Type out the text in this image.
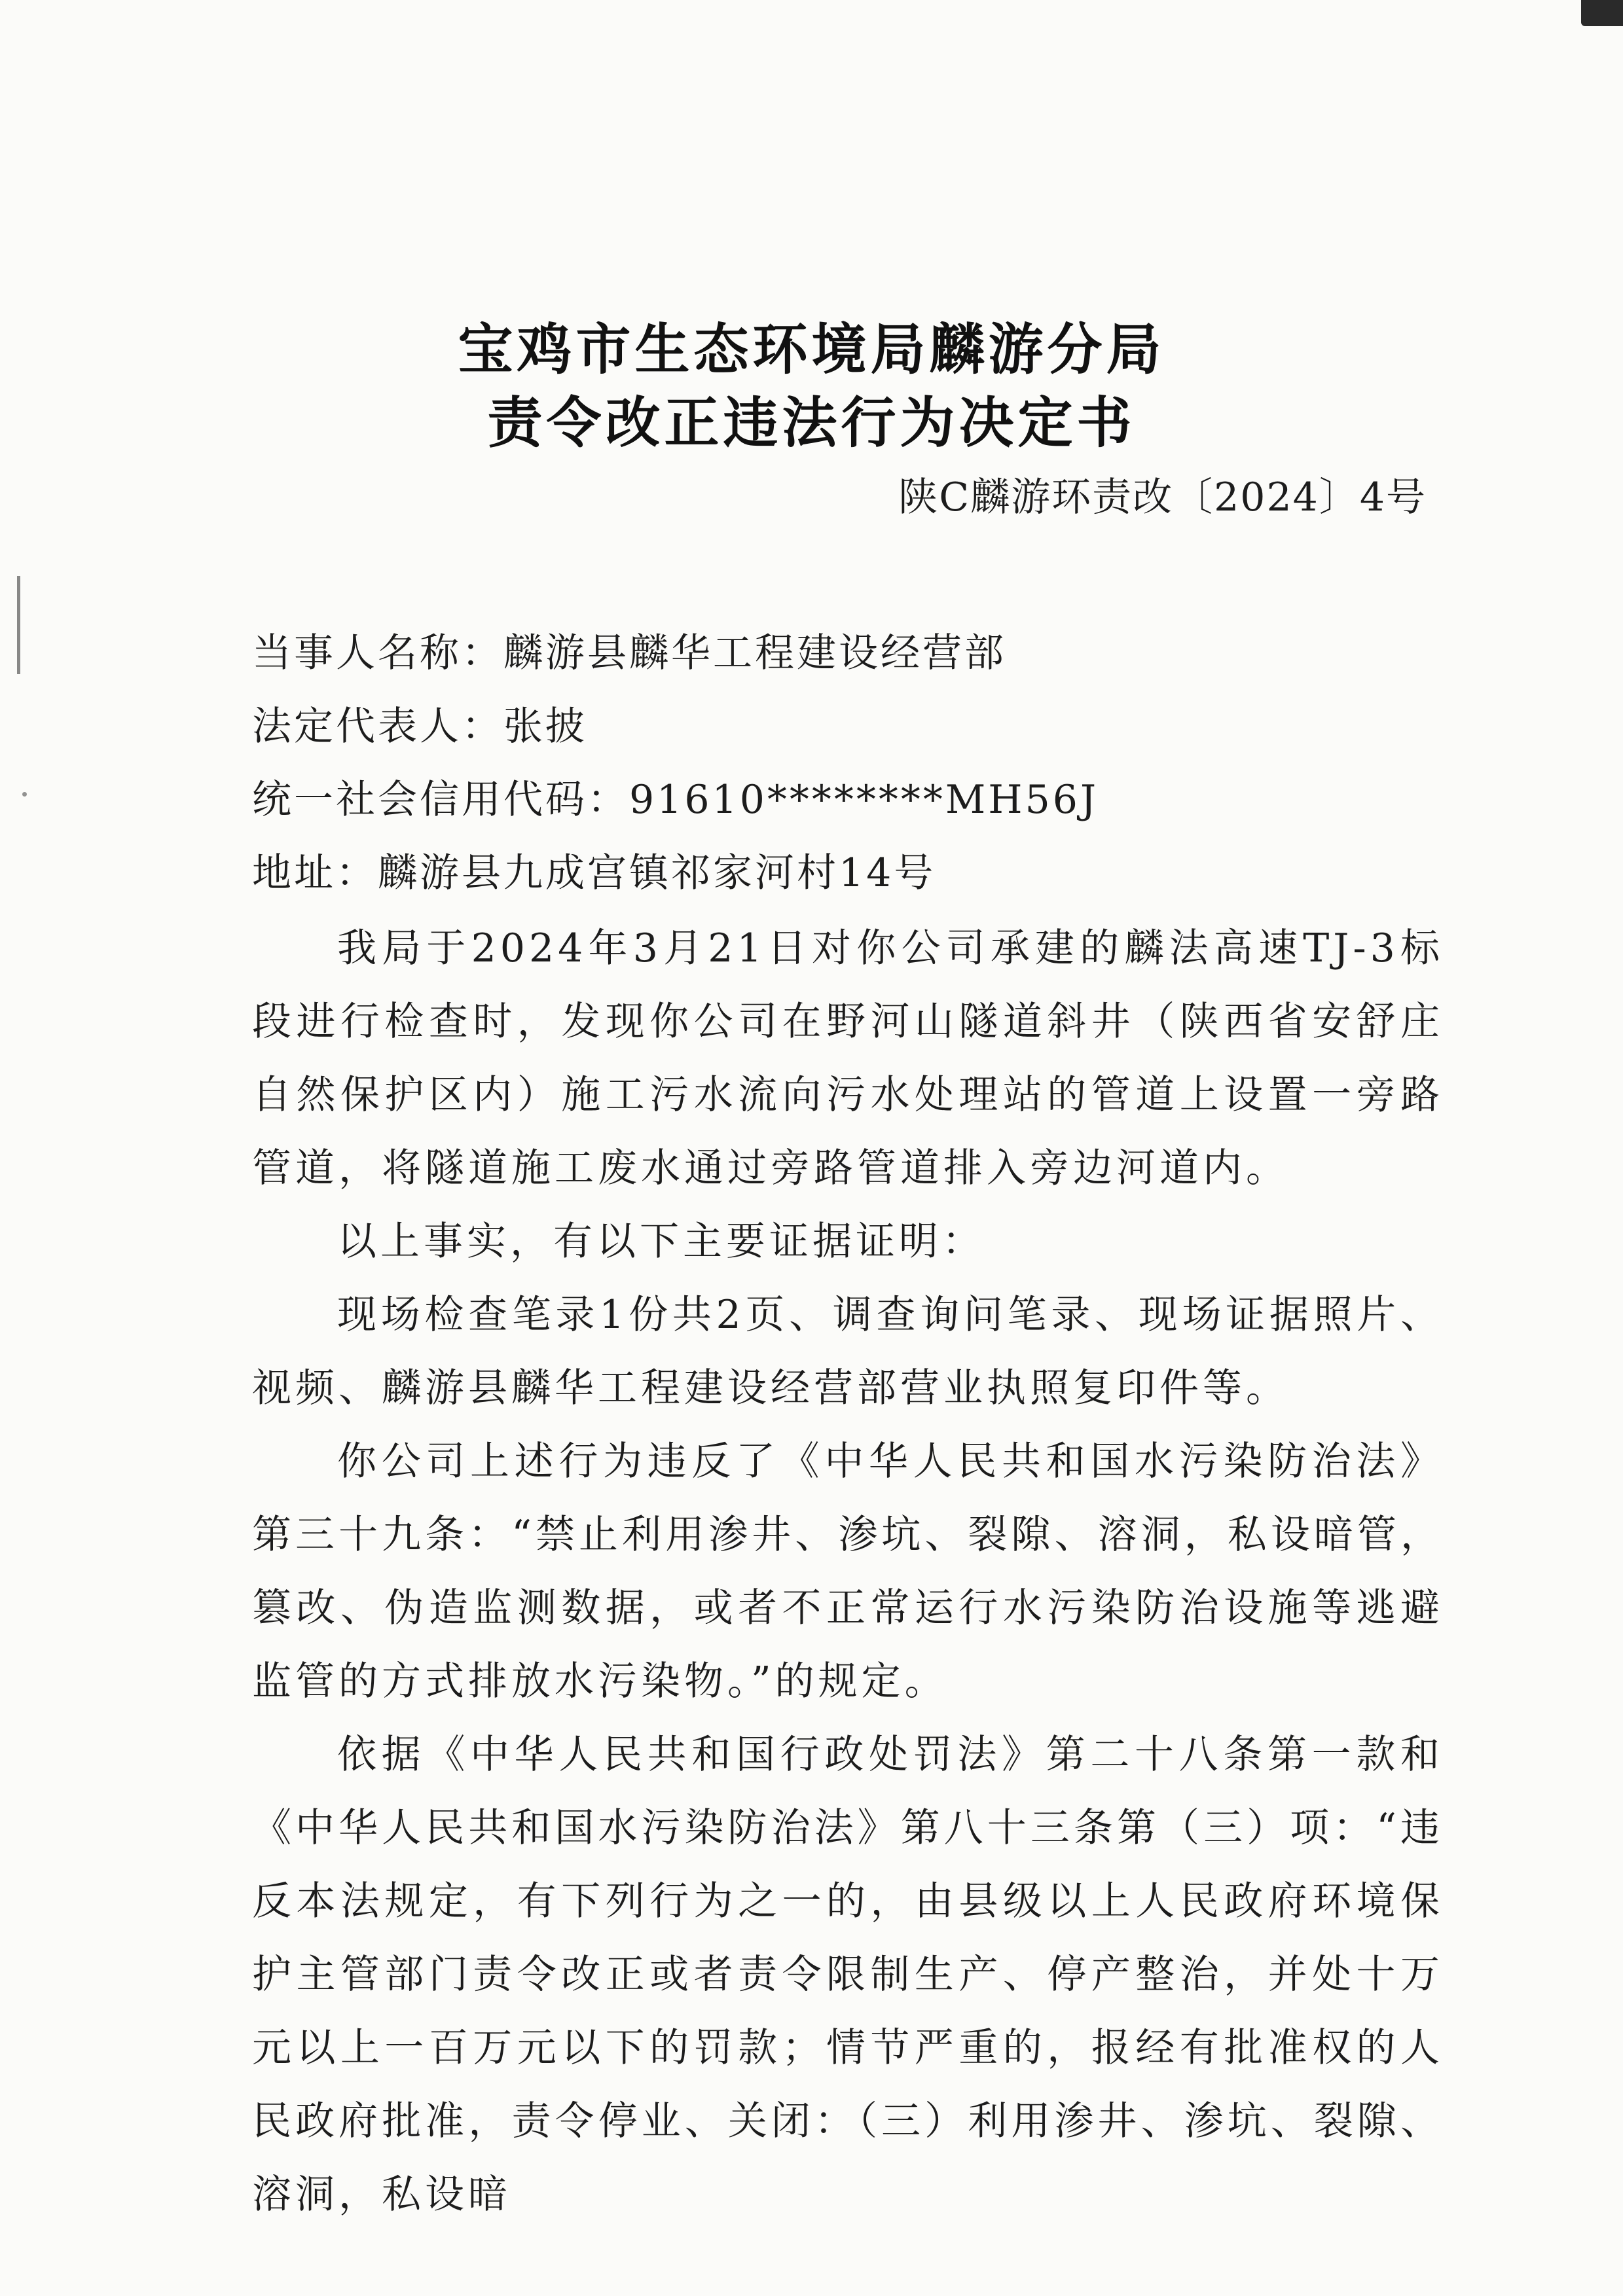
宝鸡市生态环境局麟游分局
责令改正违法行为决定书
陕C麟游环责改〔2024〕4号
当事人名称：麟游县麟华工程建设经营部
法定代表人：张披
统一社会信用代码：91610********MH56J
地址：麟游县九成宫镇祁家河村14号

我局于2024年3月21日对你公司承建的麟法高速TJ-3标段进行检查时，发现你公司在野河山隧道斜井（陕西省安舒庄自然保护区内）施工污水流向污水处理站的管道上设置一旁路管道，将隧道施工废水通过旁路管道排入旁边河道内。

以上事实，有以下主要证据证明：

现场检查笔录1份共2页、调查询问笔录、现场证据照片、视频、麟游县麟华工程建设经营部营业执照复印件等。

你公司上述行为违反了《中华人民共和国水污染防治法》第三十九条：“禁止利用渗井、渗坑、裂隙、溶洞，私设暗管，篡改、伪造监测数据，或者不正常运行水污染防治设施等逃避监管的方式排放水污染物。”的规定。

依据《中华人民共和国行政处罚法》第二十八条第一款和《中华人民共和国水污染防治法》第八十三条第（三）项：“违反本法规定，有下列行为之一的，由县级以上人民政府环境保护主管部门责令改正或者责令限制生产、停产整治，并处十万元以上一百万元以下的罚款；情节严重的，报经有批准权的人民政府批准，责令停业、关闭：（三）利用渗井、渗坑、裂隙、溶洞，私设暗
